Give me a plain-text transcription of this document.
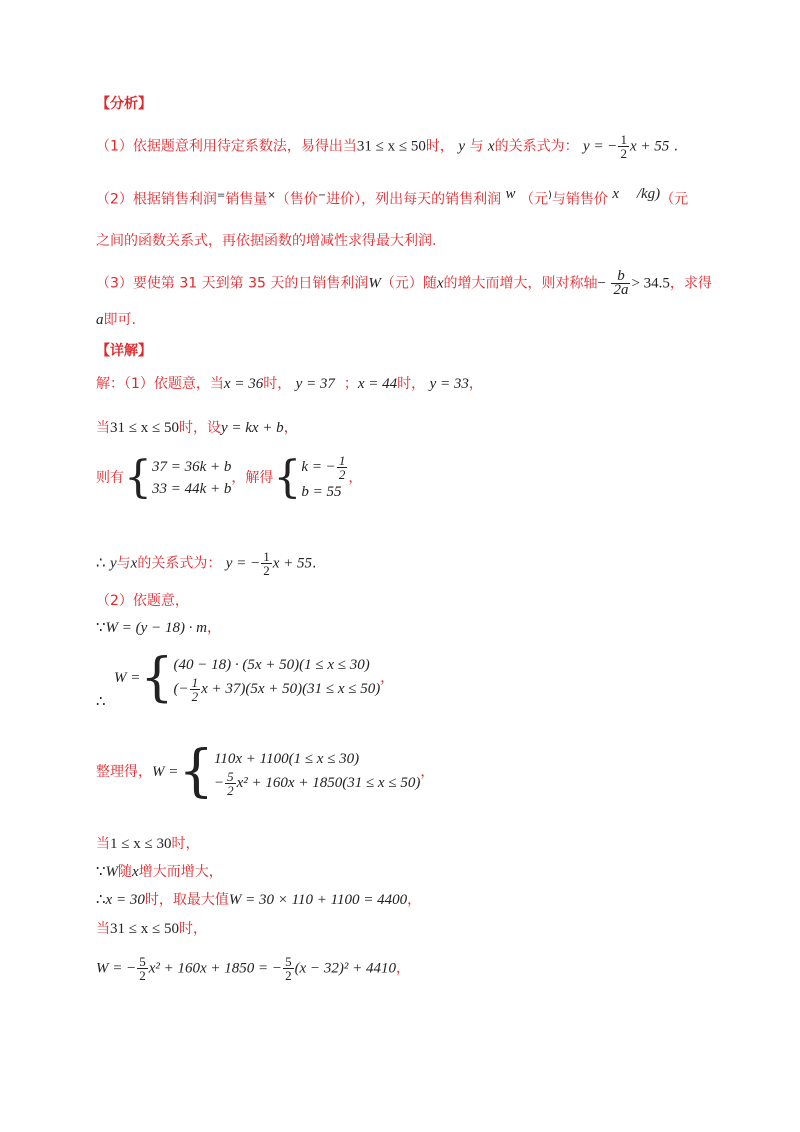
【分析】
（1）依据题意利用待定系数法，易得出当31 ≤ x ≤ 50时， y 与 x的关系式为： y = − $\frac{1}{2}$ x + 55 .
（2）根据销售利润=销售量×（售价−进价），列出每天的销售利润 $^w$ （元)与销售价 $^x$ $^{/kg)}$（元
之间的函数关系式，再依据函数的增减性求得最大利润.
（3）要使第 31 天到第 35 天的日销售利润W（元）随x的增大而增大，则对称轴− $\frac{b}{2a} > 34.5$，求得
a即可.
【详解】
解：（1）依题意，当x = 36时， y = 37 ；x = 44时， y = 33，
当31 ≤ x ≤ 50时，设y = kx + b，
则有{ 37 = 36k + b
33 = 44k + b
，解得{ k = − $\frac{1}{2}$
b = 55
，
∴ y与x的关系式为： y = − $\frac{1}{2}$ x + 55.
（2）依题意，
∵W = (y − 18) · m，
∴
W ={ (40 − 18) · (5x + 50)(1 ≤ x ≤ 30)
(− $\frac{1}{2}$ x + 37)(5x + 50)(31 ≤ x ≤ 50)
，
整理得，W ={ 110x + 1100(1 ≤ x ≤ 30)
− $\frac{5}{2} x^2 + 160x + 1850(31 \le x \le 50)$
，
当1 ≤ x ≤ 30时，
∵W随x增大而增大，
∴x = 30时，取最大值W = 30 × 110 + 1100 = 4400，
当31 ≤ x ≤ 50时，
W = − $\frac{5}{2} x^2 + 160x + 1850$ = − $\frac{5}{2} (x - 32)^2 + 4410$，
